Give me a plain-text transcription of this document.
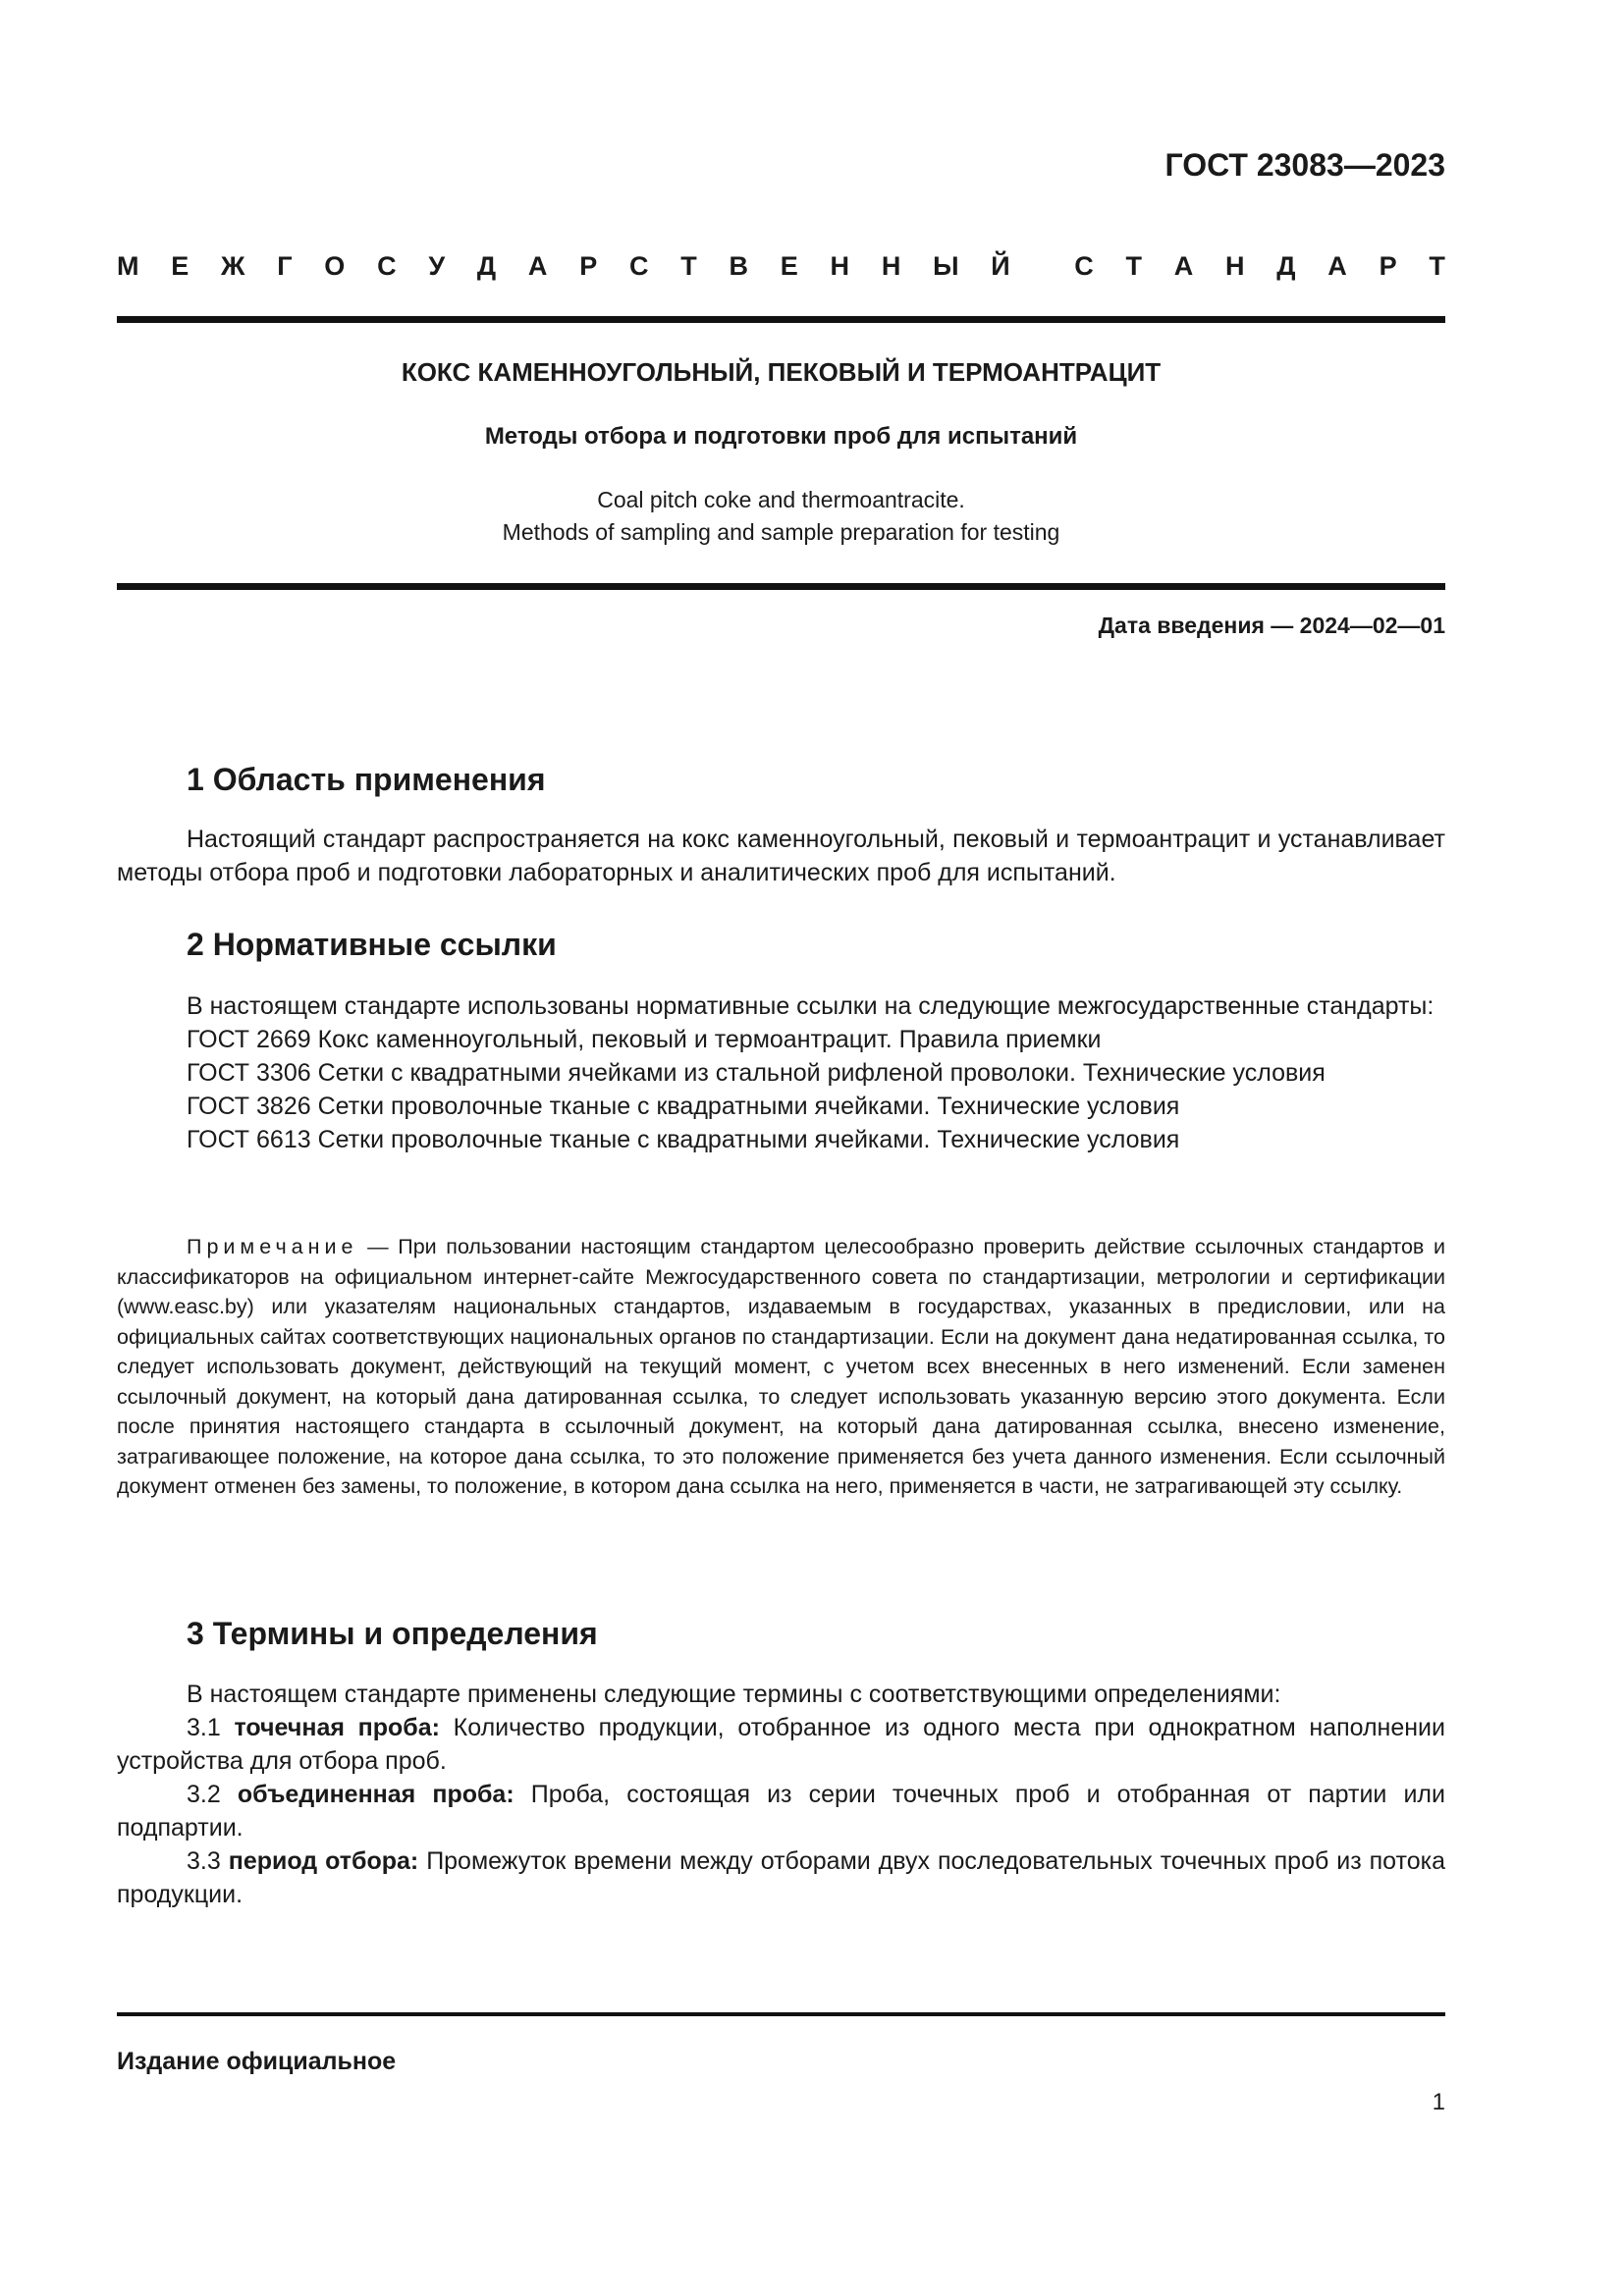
ГОСТ 23083—2023
М Е Ж Г О С У Д А Р С Т В Е Н Н Ы Й С Т А Н Д А Р Т
КОКС КАМЕННОУГОЛЬНЫЙ, ПЕКОВЫЙ И ТЕРМОАНТРАЦИТ
Методы отбора и подготовки проб для испытаний
Coal pitch coke and thermoantracite.
Methods of sampling and sample preparation for testing
Дата введения — 2024—02—01
1 Область применения

Настоящий стандарт распространяется на кокс каменноугольный, пековый и термоантрацит и устанавливает методы отбора проб и подготовки лабораторных и аналитических проб для испытаний.

2 Нормативные ссылки

В настоящем стандарте использованы нормативные ссылки на следующие межгосударственные стандарты:

ГОСТ 2669 Кокс каменноугольный, пековый и термоантрацит. Правила приемки

ГОСТ 3306 Сетки с квадратными ячейками из стальной рифленой проволоки. Технические условия

ГОСТ 3826 Сетки проволочные тканые с квадратными ячейками. Технические условия

ГОСТ 6613 Сетки проволочные тканые с квадратными ячейками. Технические условия

Примечание — При пользовании настоящим стандартом целесообразно проверить действие ссылочных стандартов и классификаторов на официальном интернет-сайте Межгосударственного совета по стандартизации, метрологии и сертификации (www.easc.by) или указателям национальных стандартов, издаваемым в государствах, указанных в предисловии, или на официальных сайтах соответствующих национальных органов по стандартизации. Если на документ дана недатированная ссылка, то следует использовать документ, действующий на текущий момент, с учетом всех внесенных в него изменений. Если заменен ссылочный документ, на который дана датированная ссылка, то следует использовать указанную версию этого документа. Если после принятия настоящего стандарта в ссылочный документ, на который дана датированная ссылка, внесено изменение, затрагивающее положение, на которое дана ссылка, то это положение применяется без учета данного изменения. Если ссылочный документ отменен без замены, то положение, в котором дана ссылка на него, применяется в части, не затрагивающей эту ссылку.

3 Термины и определения

В настоящем стандарте применены следующие термины с соответствующими определениями:

3.1 точечная проба: Количество продукции, отобранное из одного места при однократном наполнении устройства для отбора проб.

3.2 объединенная проба: Проба, состоящая из серии точечных проб и отобранная от партии или подпартии.

3.3 период отбора: Промежуток времени между отборами двух последовательных точечных проб из потока продукции.

Издание официальное
1
